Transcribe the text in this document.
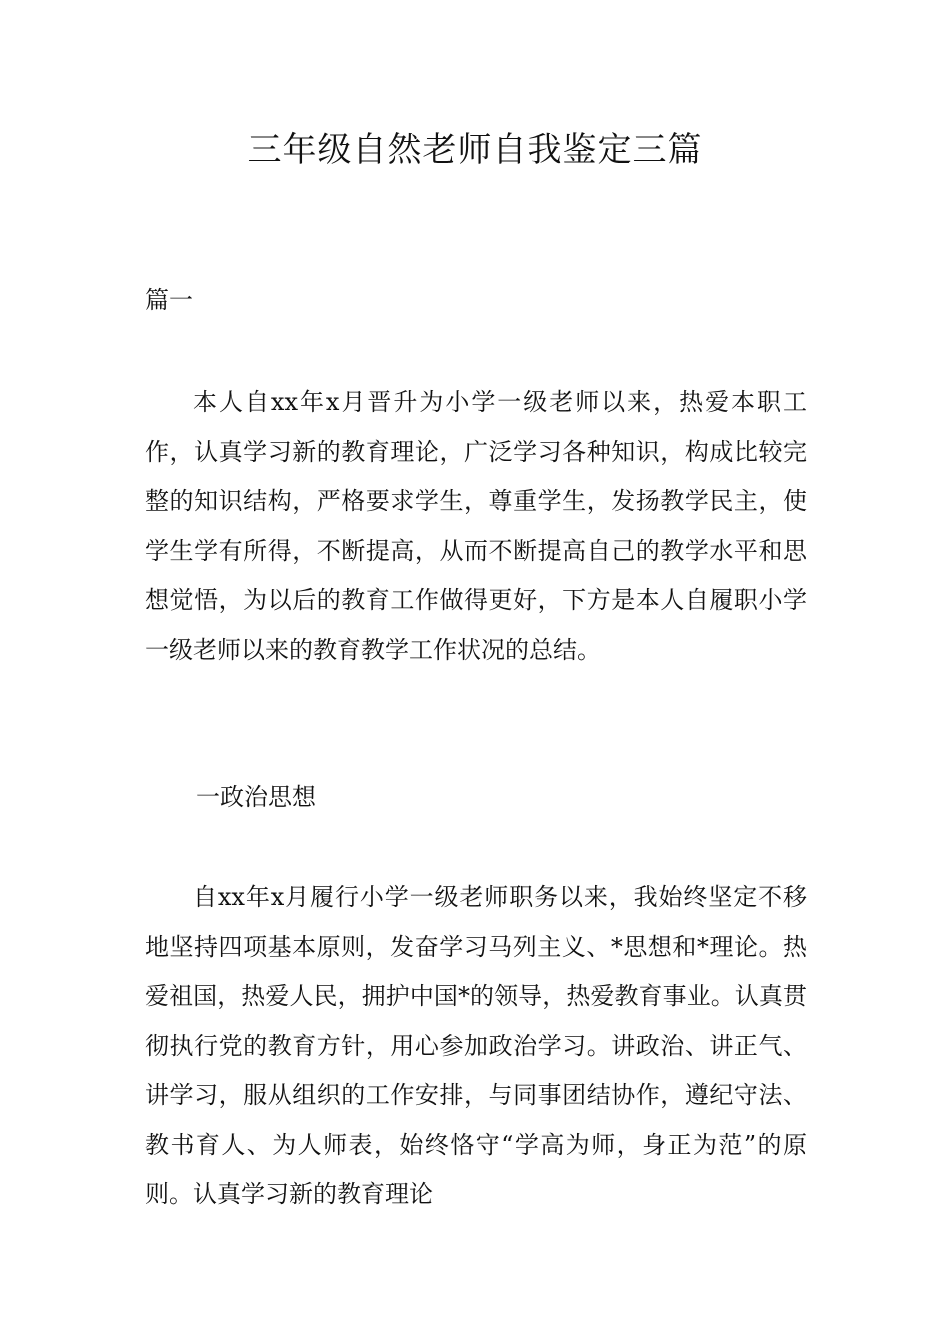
三年级自然老师自我鉴定三篇

篇一

本人自xx年x月晋升为小学一级老师以来，热爱本职工作，认真学习新的教育理论，广泛学习各种知识，构成比较完整的知识结构，严格要求学生，尊重学生，发扬教学民主，使学生学有所得，不断提高，从而不断提高自己的教学水平和思想觉悟，为以后的教育工作做得更好，下方是本人自履职小学一级老师以来的教育教学工作状况的总结。

一政治思想

自xx年x月履行小学一级老师职务以来，我始终坚定不移地坚持四项基本原则，发奋学习马列主义、*思想和*理论。热爱祖国，热爱人民，拥护中国*的领导，热爱教育事业。认真贯彻执行党的教育方针，用心参加政治学习。讲政治、讲正气、讲学习，服从组织的工作安排，与同事团结协作，遵纪守法、教书育人、为人师表，始终恪守“学高为师，身正为范”的原则。认真学习新的教育理论
